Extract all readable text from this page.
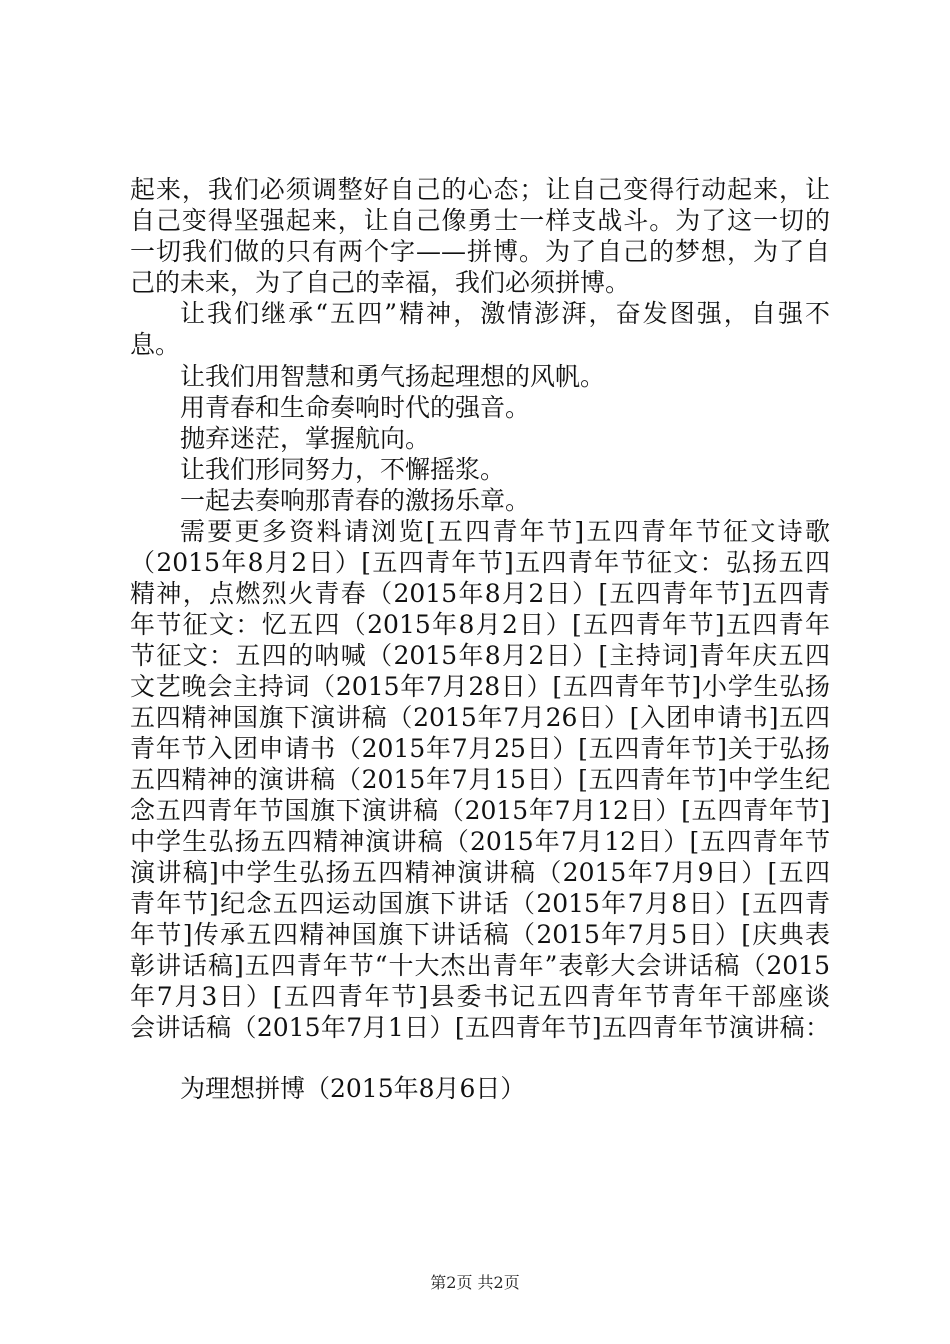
起来，我们必须调整好自己的心态；让自己变得行动起来，让
自己变得坚强起来，让自己像勇士一样支战斗。为了这一切的
一切我们做的只有两个字——拼博。为了自己的梦想，为了自
己的未来，为了自己的幸福，我们必须拼博。
让我们继承“五四”精神，激情澎湃，奋发图强，自强不
息。
让我们用智慧和勇气扬起理想的风帆。
用青春和生命奏响时代的强音。
抛弃迷茫，掌握航向。
让我们形同努力，不懈摇浆。
一起去奏响那青春的激扬乐章。
需要更多资料请浏览[五四青年节]五四青年节征文诗歌
（2015年8月2日）[五四青年节]五四青年节征文：弘扬五四
精神，点燃烈火青春（2015年8月2日）[五四青年节]五四青
年节征文：忆五四（2015年8月2日）[五四青年节]五四青年
节征文：五四的呐喊（2015年8月2日）[主持词]青年庆五四
文艺晚会主持词（2015年7月28日）[五四青年节]小学生弘扬
五四精神国旗下演讲稿（2015年7月26日）[入团申请书]五四
青年节入团申请书（2015年7月25日）[五四青年节]关于弘扬
五四精神的演讲稿（2015年7月15日）[五四青年节]中学生纪
念五四青年节国旗下演讲稿（2015年7月12日）[五四青年节]
中学生弘扬五四精神演讲稿（2015年7月12日）[五四青年节
演讲稿]中学生弘扬五四精神演讲稿（2015年7月9日）[五四
青年节]纪念五四运动国旗下讲话（2015年7月8日）[五四青
年节]传承五四精神国旗下讲话稿（2015年7月5日）[庆典表
彰讲话稿]五四青年节“十大杰出青年”表彰大会讲话稿（2015
年7月3日）[五四青年节]县委书记五四青年节青年干部座谈
会讲话稿（2015年7月1日）[五四青年节]五四青年节演讲稿：
为理想拼博（2015年8月6日）
第2页 共2页
